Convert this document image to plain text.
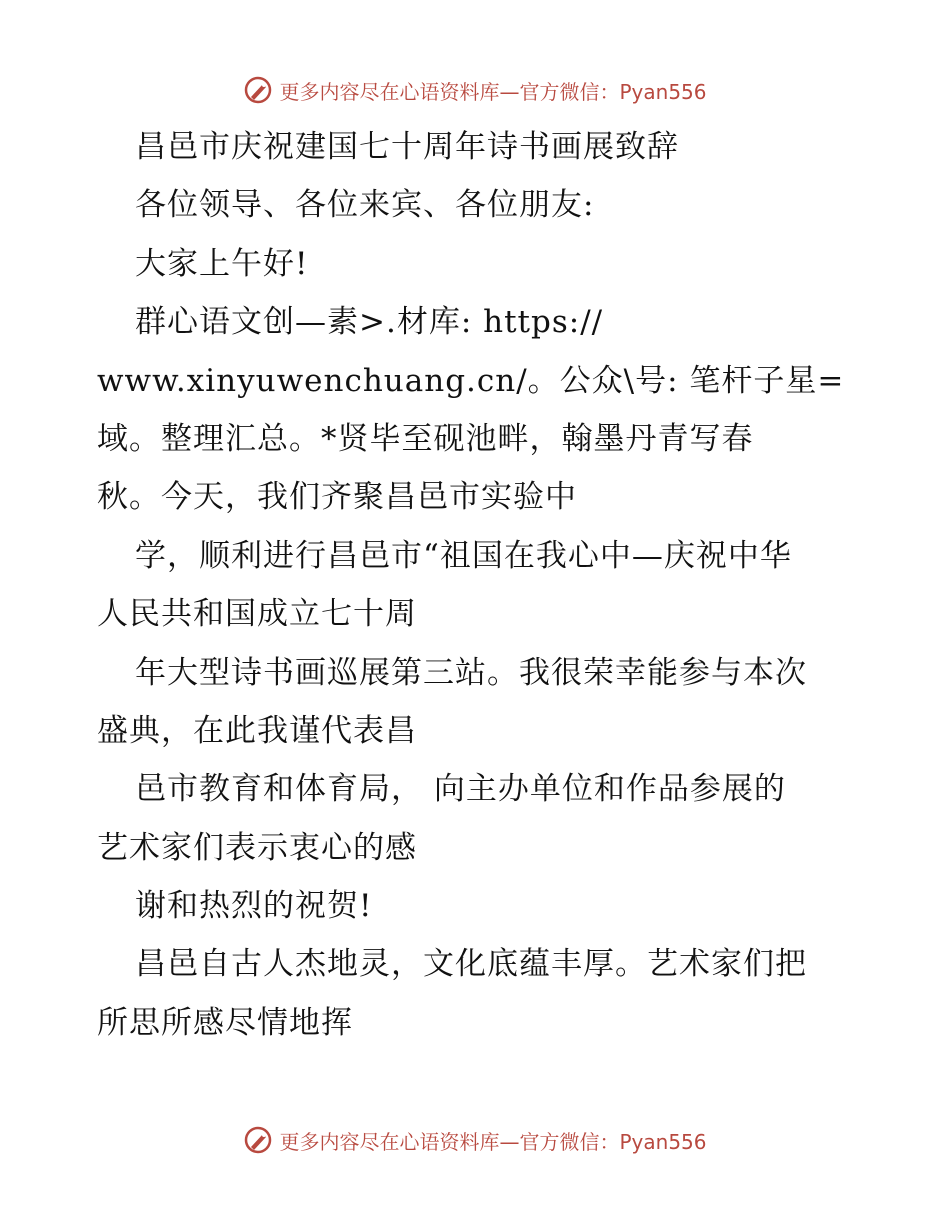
更多内容尽在心语资料库—官方微信：Pyan556
昌邑市庆祝建国七十周年诗书画展致辞
各位领导、各位来宾、各位朋友:
大家上午好!
群心语文创—素>.材库: https://
www.xinyuwenchuang.cn/。公众\号: 笔杆子星=
域。整理汇总。*贤毕至砚池畔，翰墨丹青写春
秋。今天，我们齐聚昌邑市实验中
学，顺利进行昌邑市“祖国在我心中—庆祝中华
人民共和国成立七十周
年大型诗书画巡展第三站。我很荣幸能参与本次
盛典，在此我谨代表昌
邑市教育和体育局， 向主办单位和作品参展的
艺术家们表示衷心的感
谢和热烈的祝贺!
昌邑自古人杰地灵，文化底蕴丰厚。艺术家们把
所思所感尽情地挥
更多内容尽在心语资料库—官方微信：Pyan556
